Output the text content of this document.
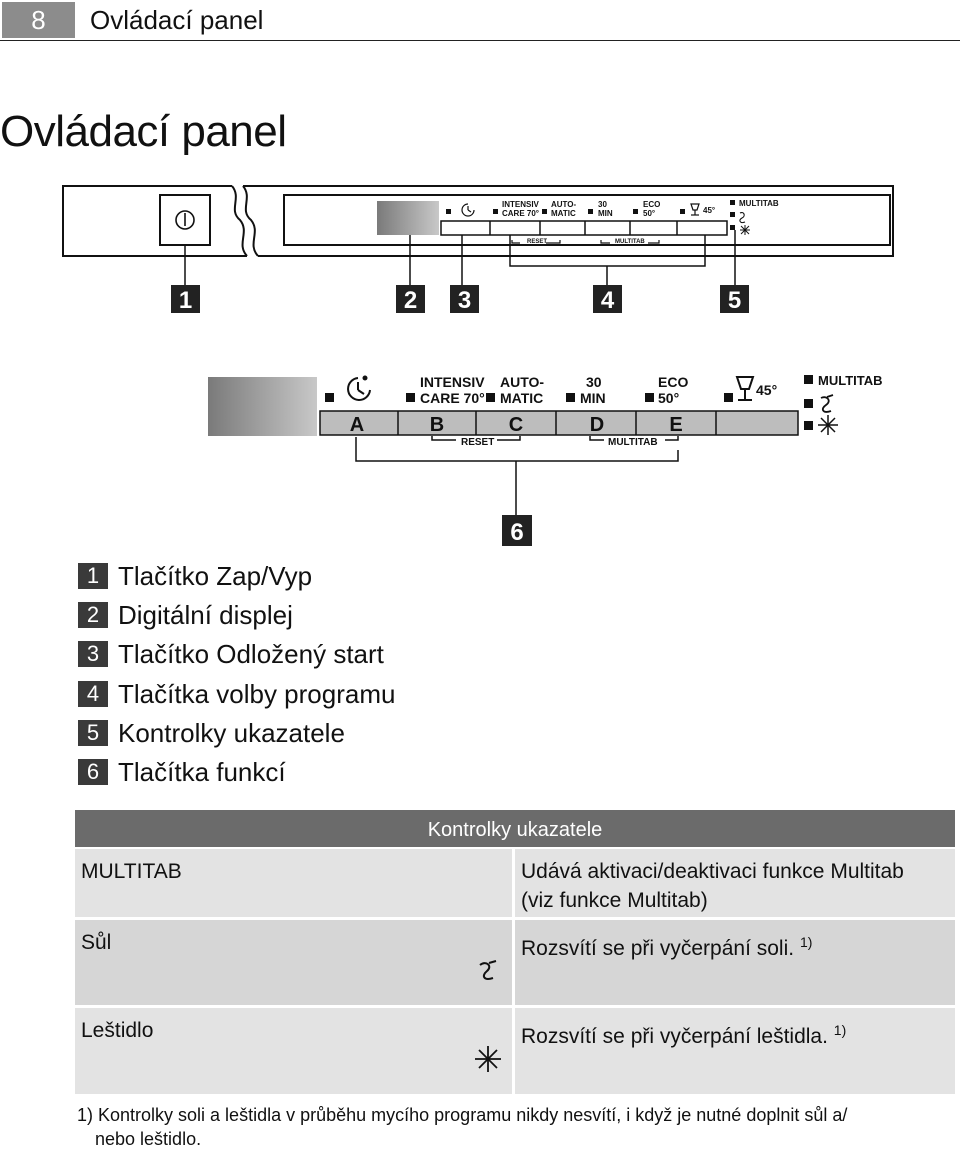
8	Ovládací panel
Ovládací panel
INTENSIV
CARE 70°
AUTO-
MATIC
30
MIN
ECO
50°	45°
MULTITAB
RESET	MULTITAB
1	2 3	4	5
A	B	C	D	E
INTENSIV
CARE 70°
AUTO-
MATIC
30
MIN
ECO
50°	45°
MULTITAB
RESET	MULTITAB
6
1 Tlačítko Zap/Vyp
2 Digitální displej
3 Tlačítko Odložený start
4 Tlačítka volby programu
5 Kontrolky ukazatele
6 Tlačítka funkcí
Kontrolky ukazatele
MULTITAB	Udává aktivaci/deaktivaci funkce Multitab
(viz funkce Multitab)
Sůl	Rozsvítí se při vyčerpání soli. $^{1)}$
Leštidlo	Rozsvítí se při vyčerpání leštidla. $^{1)}$
1) Kontrolky soli a leštidla v průběhu mycího programu nikdy nesvítí, i když je nutné doplnit sůl a/
nebo leštidlo.
